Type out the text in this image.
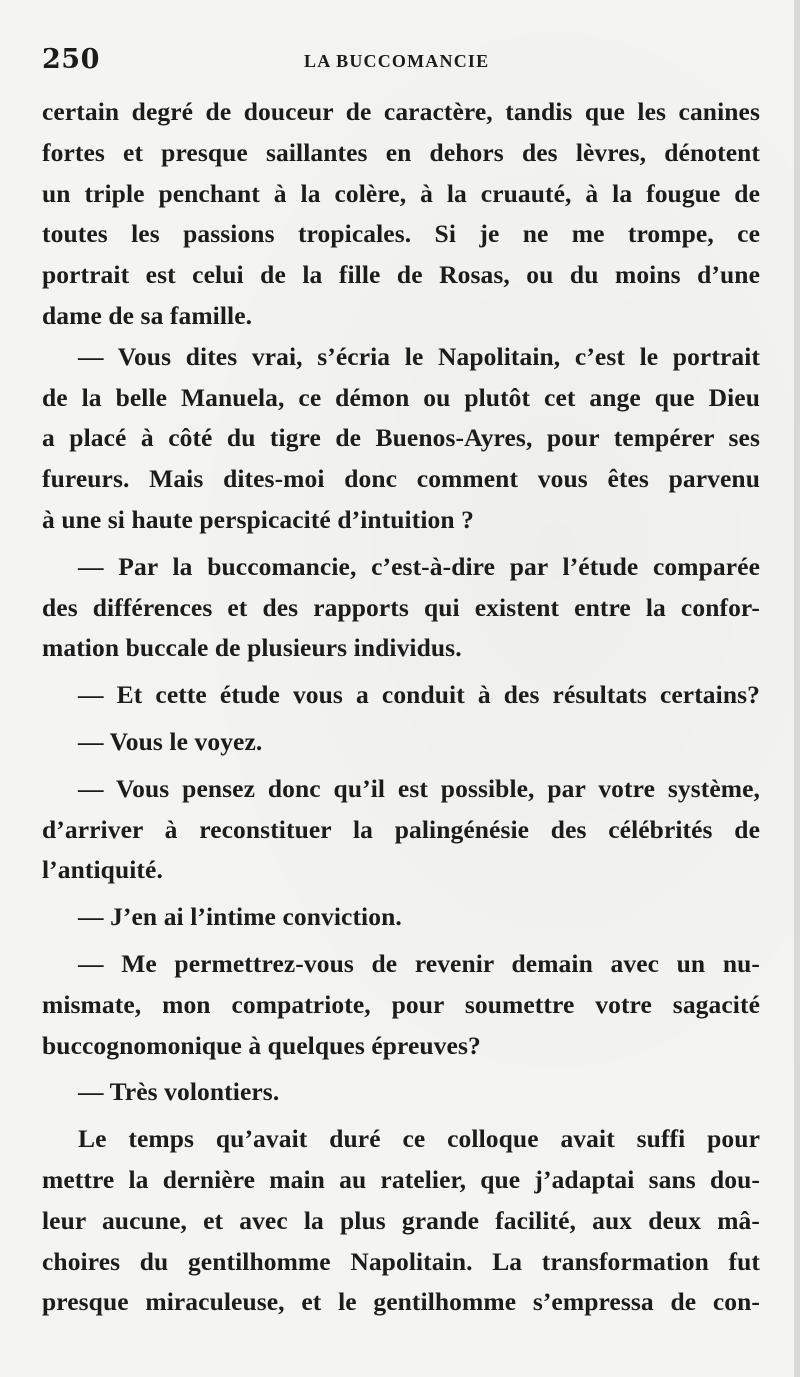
250	LA BUCCOMANCIE
certain degré de douceur de caractère, tandis que les canines
fortes et presque saillantes en dehors des lèvres, dénotent
un triple penchant à la colère, à la cruauté, à la fougue de
toutes les passions tropicales. Si je ne me trompe, ce
portrait est celui de la fille de Rosas, ou du moins d’une
dame de sa famille.
— Vous dites vrai, s’écria le Napolitain, c’est le portrait
de la belle Manuela, ce démon ou plutôt cet ange que Dieu
a placé à côté du tigre de Buenos-Ayres, pour tempérer ses
fureurs. Mais dites-moi donc comment vous êtes parvenu
à une si haute perspicacité d’intuition ?
— Par la buccomancie, c’est-à-dire par l’étude comparée
des différences et des rapports qui existent entre la confor-
mation buccale de plusieurs individus.
— Et cette étude vous a conduit à des résultats certains?
— Vous le voyez.
— Vous pensez donc qu’il est possible, par votre système,
d’arriver à reconstituer la palingénésie des célébrités de
l’antiquité.
— J’en ai l’intime conviction.
— Me permettrez-vous de revenir demain avec un nu-
mismate, mon compatriote, pour soumettre votre sagacité
buccognomonique à quelques épreuves?
— Très volontiers.
Le temps qu’avait duré ce colloque avait suffi pour
mettre la dernière main au ratelier, que j’adaptai sans dou-
leur aucune, et avec la plus grande facilité, aux deux mâ-
choires du gentilhomme Napolitain. La transformation fut
presque miraculeuse, et le gentilhomme s’empressa de con-
